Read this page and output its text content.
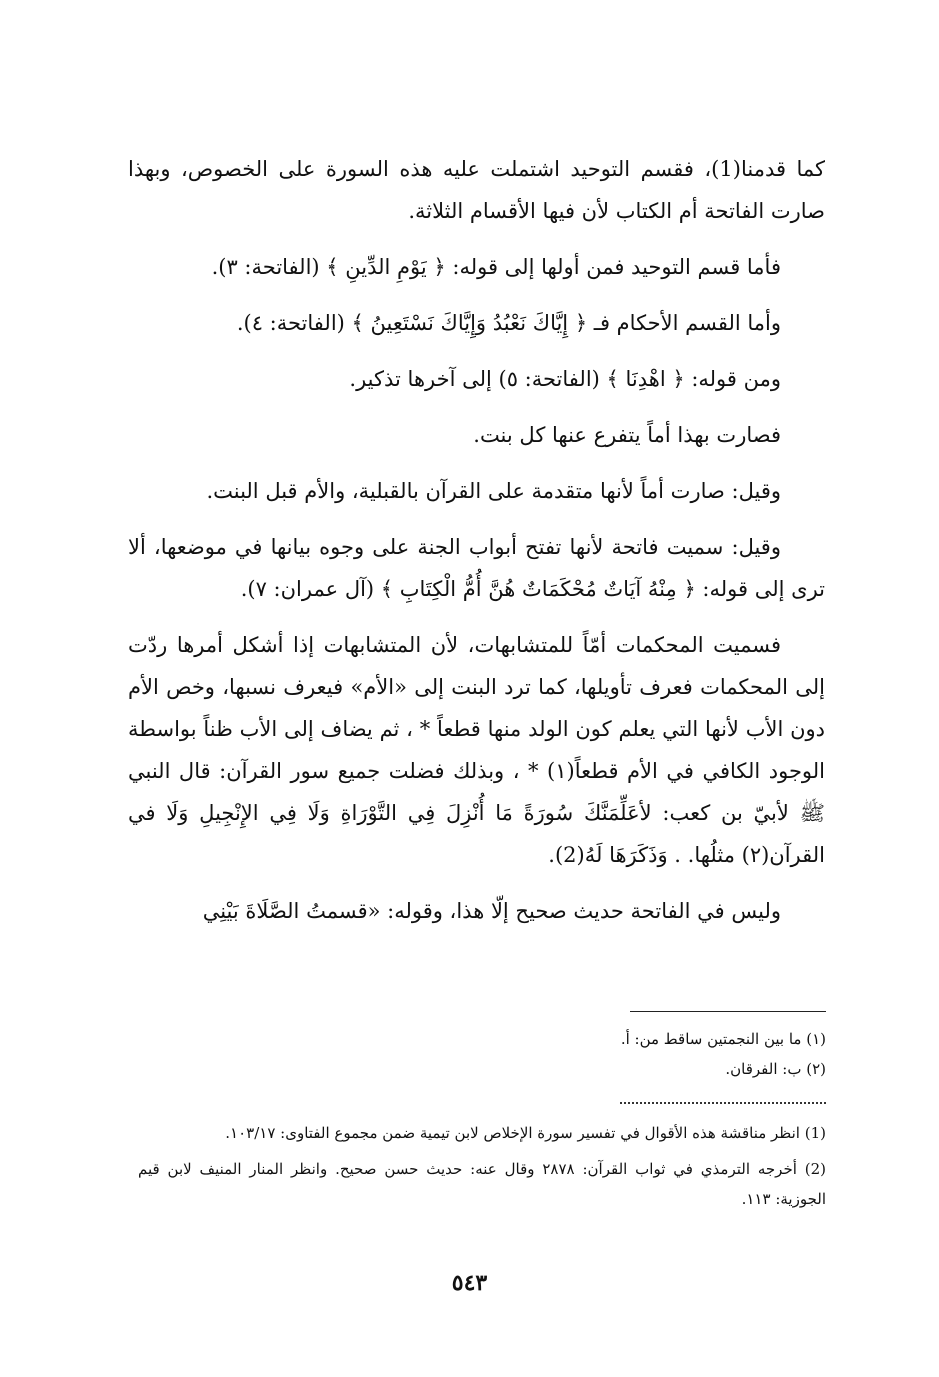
كما قدمنا(1)، فقسم التوحيد اشتملت عليه هذه السورة على الخصوص، وبهذا صارت الفاتحة أم الكتاب لأن فيها الأقسام الثلاثة.

فأما قسم التوحيد فمن أولها إلى قوله: ﴿ يَوْمِ الدِّينِ ﴾ (الفاتحة: ٣).

وأما القسم الأحكام فـ ﴿ إِيَّاكَ نَعْبُدُ وَإِيَّاكَ نَسْتَعِينُ ﴾ (الفاتحة: ٤).

ومن قوله: ﴿ اهْدِنَا ﴾ (الفاتحة: ٥) إلى آخرها تذكير.

فصارت بهذا أماً يتفرع عنها كل بنت.

وقيل: صارت أماً لأنها متقدمة على القرآن بالقبلية، والأم قبل البنت.

وقيل: سميت فاتحة لأنها تفتح أبواب الجنة على وجوه بيانها في موضعها، ألا ترى إلى قوله: ﴿ مِنْهُ آيَاتٌ مُحْكَمَاتٌ هُنَّ أُمُّ الْكِتَابِ ﴾ (آل عمران: ٧).

فسميت المحكمات أمّاً للمتشابهات، لأن المتشابهات إذا أشكل أمرها ردّت إلى المحكمات فعرف تأويلها، كما ترد البنت إلى «الأم» فيعرف نسبها، وخص الأم دون الأب لأنها التي يعلم كون الولد منها قطعاً * ، ثم يضاف إلى الأب ظناً بواسطة الوجود الكافي في الأم قطعاً(١) * ، وبذلك فضلت جميع سور القرآن: قال النبي ﷺ لأبيّ بن كعب: لأعَلِّمَنَّكَ سُورَةً مَا أُنْزِلَ فِي التَّوْرَاةِ وَلَا فِي الإِنْجِيلِ وَلَا في القرآن(٢) مثلُها. . وَذَكَرَهَا لَهُ(2).

وليس في الفاتحة حديث صحيح إلّا هذا، وقوله: «قسمتُ الصَّلَاةَ بَيْنِي

(١) ما بين النجمتين ساقط من: أ.

(٢) ب: الفرقان.

(1) انظر مناقشة هذه الأقوال في تفسير سورة الإخلاص لابن تيمية ضمن مجموع الفتاوى: ١٠٣/١٧.

(2) أخرجه الترمذي في ثواب القرآن: ٢٨٧٨ وقال عنه: حديث حسن صحيح. وانظر المنار المنيف لابن قيم الجوزية: ١١٣.

٥٤٣
